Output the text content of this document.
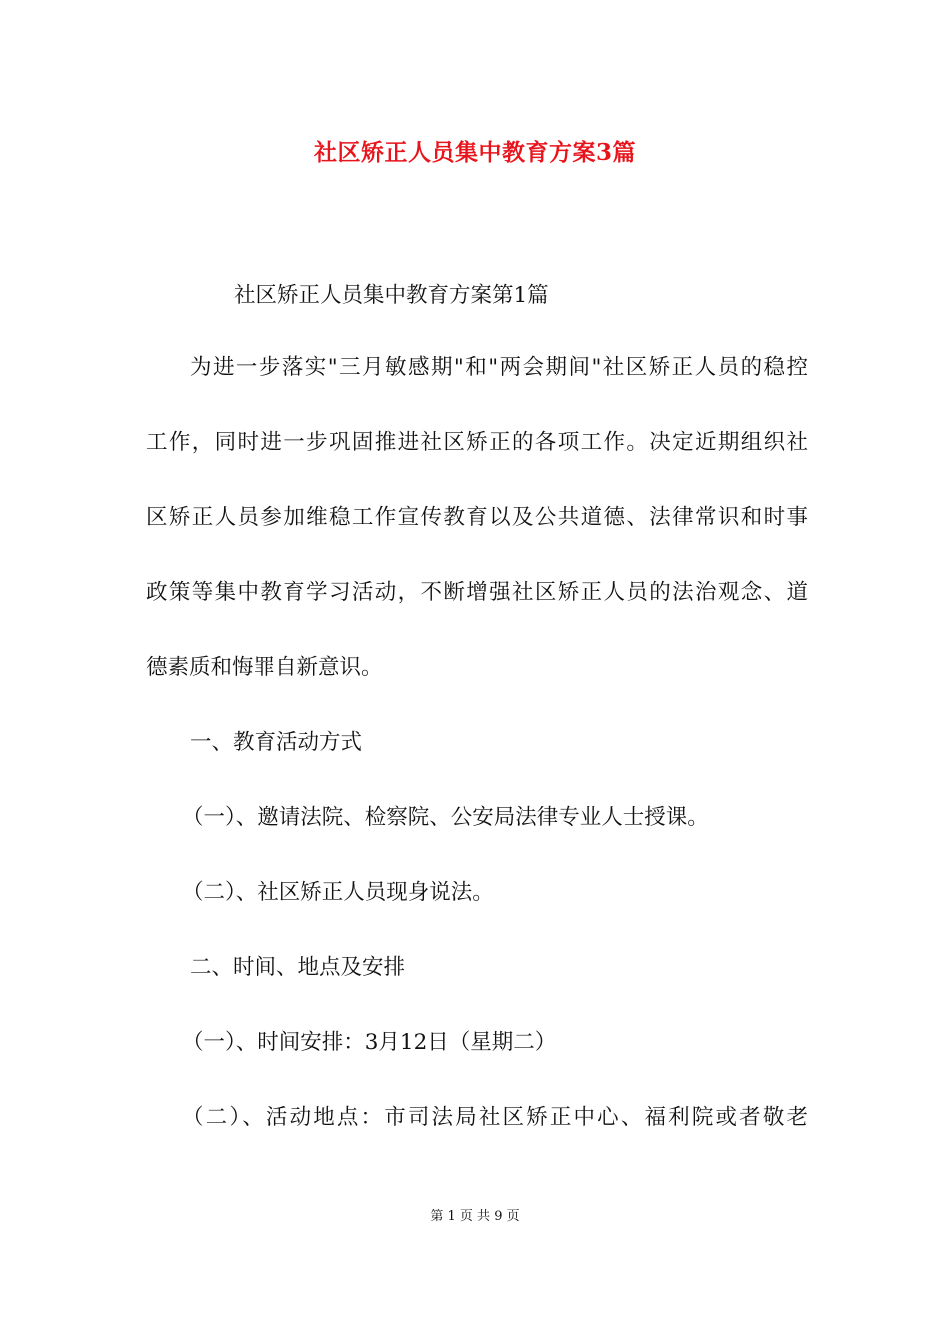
社区矫正人员集中教育方案3篇
社区矫正人员集中教育方案第1篇
为进一步落实"三月敏感期"和"两会期间"社区矫正人员的稳控
工作，同时进一步巩固推进社区矫正的各项工作。决定近期组织社
区矫正人员参加维稳工作宣传教育以及公共道德、法律常识和时事
政策等集中教育学习活动，不断增强社区矫正人员的法治观念、道
德素质和悔罪自新意识。
一、教育活动方式
（一）、邀请法院、检察院、公安局法律专业人士授课。
（二）、社区矫正人员现身说法。
二、时间、地点及安排
（一）、时间安排：3月12日（星期二）
（二）、活动地点：市司法局社区矫正中心、福利院或者敬老
第 1 页 共 9 页
